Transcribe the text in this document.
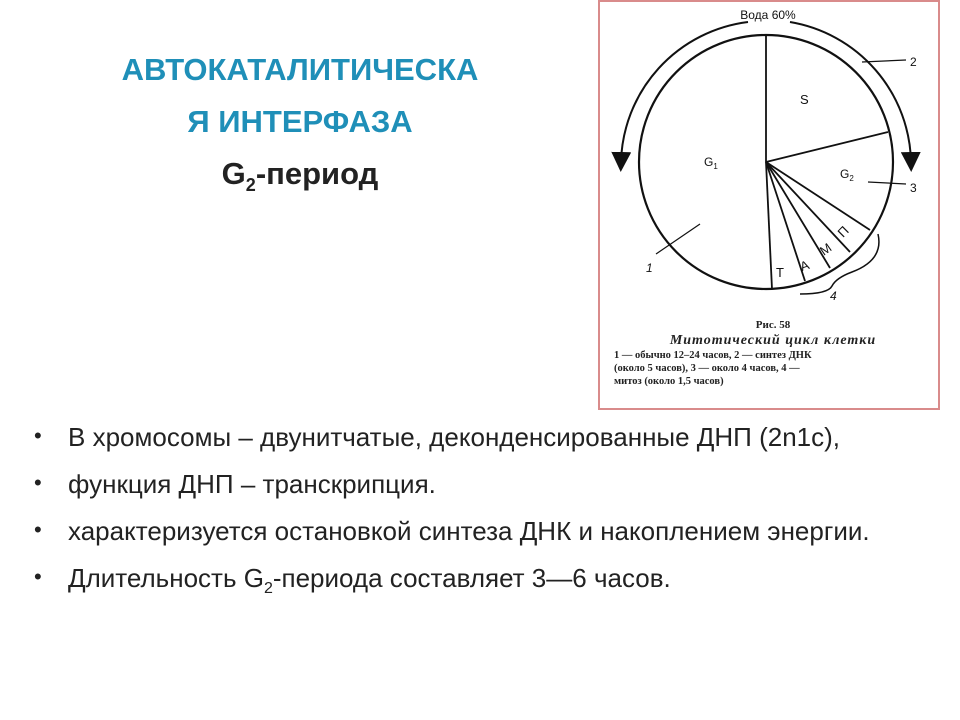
АВТОКАТАЛИТИЧЕСКА
Я ИНТЕРФАЗА
$G_2$-период
Вода 60%
S
$G_1$
$G_2$
Т А
М
П
2
3
1
4
Рис. 58
Митотический цикл клетки
1 — обычно 12–24 часов, 2 — синтез ДНК
(около 5 часов), 3 — около 4 часов, 4 —
митоз (около 1,5 часов)
• В хромосомы – двунитчатые, деконденсированные ДНП (2n1c),
• функция ДНП – транскрипция.
• характеризуется остановкой синтеза ДНК и накоплением энергии.
• Длительность $G_2$-периода составляет 3—6 часов.
